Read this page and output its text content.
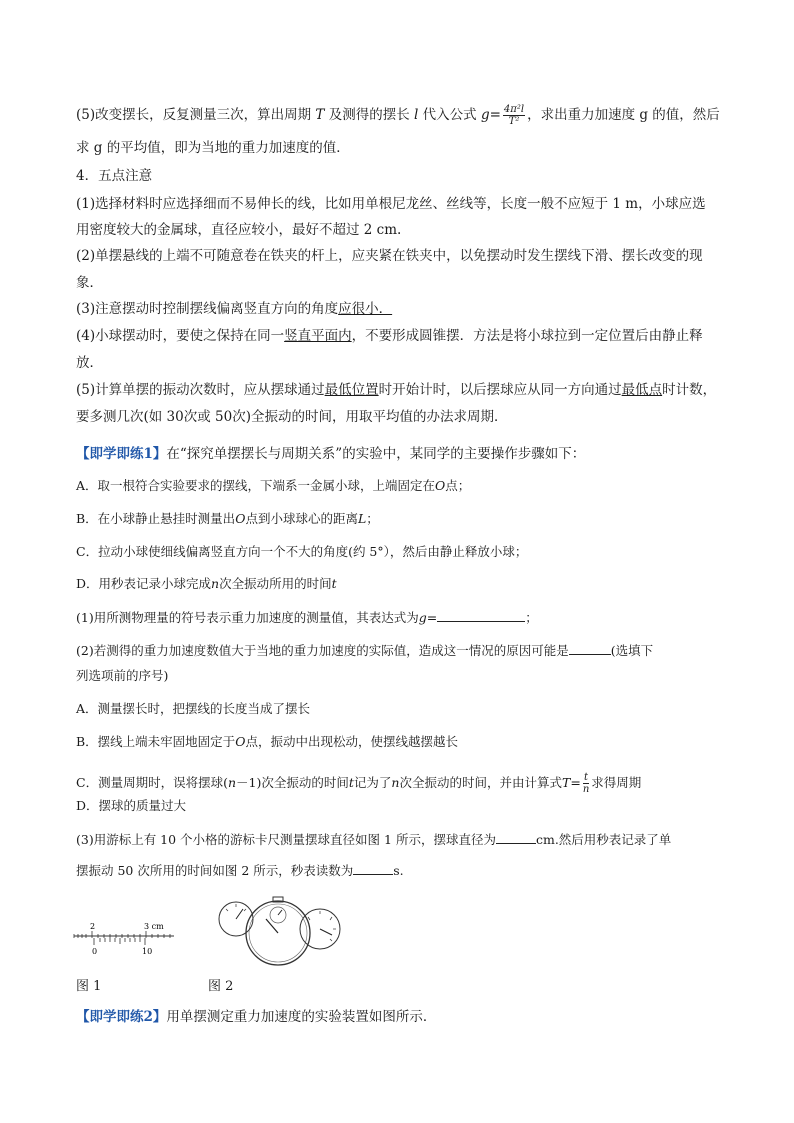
(5)改变摆长，反复测量三次，算出周期 T 及测得的摆长 l 代入公式 $g= \frac{\text{4π²l}}{\text{T²}}$ ，求出重力加速度 g 的值，然后
求 g 的平均值，即为当地的重力加速度的值．
4．五点注意
(1)选择材料时应选择细而不易伸长的线，比如用单根尼龙丝、丝线等，长度一般不应短于 1 m，小球应选
用密度较大的金属球，直径应较小，最好不超过 2 cm.
(2)单摆悬线的上端不可随意卷在铁夹的杆上，应夹紧在铁夹中，以免摆动时发生摆线下滑、摆长改变的现
象．
(3)注意摆动时控制摆线偏离竖直方向的角度应很小．
(4)小球摆动时，要使之保持在同一竖直平面内，不要形成圆锥摆．方法是将小球拉到一定位置后由静止释
放．
(5)计算单摆的振动次数时，应从摆球通过最低位置时开始计时，以后摆球应从同一方向通过最低点时计数，
要多测几次(如 30次或 50次)全振动的时间，用取平均值的办法求周期．
【即学即练1】在“探究单摆摆长与周期关系”的实验中，某同学的主要操作步骤如下：
A．取一根符合实验要求的摆线，下端系一金属小球，上端固定在O点；
B．在小球静止悬挂时测量出O点到小球球心的距离L；
C．拉动小球使细线偏离竖直方向一个不大的角度(约 5°），然后由静止释放小球；
D．用秒表记录小球完成n次全振动所用的时间t
(1)用所测物理量的符号表示重力加速度的测量值，其表达式为g=	；
(2)若测得的重力加速度数值大于当地的重力加速度的实际值，造成这一情况的原因可能是	(选填下
列选项前的序号)
A．测量摆长时，把摆线的长度当成了摆长
B．摆线上端未牢固地固定于O点，振动中出现松动，使摆线越摆越长
C．测量周期时，误将摆球(n－1)次全振动的时间t记为了n次全振动的时间，并由计算式$T= \frac{t}{n}$ 求得周期
D．摆球的质量过大
(3)用游标上有 10 个小格的游标卡尺测量摆球直径如图 1 所示，摆球直径为	cm.然后用秒表记录了单
摆振动 50 次所用的时间如图 2 所示，秒表读数为	s.
2	3 cm
0	10
图 1	图 2
【即学即练2】用单摆测定重力加速度的实验装置如图所示．
